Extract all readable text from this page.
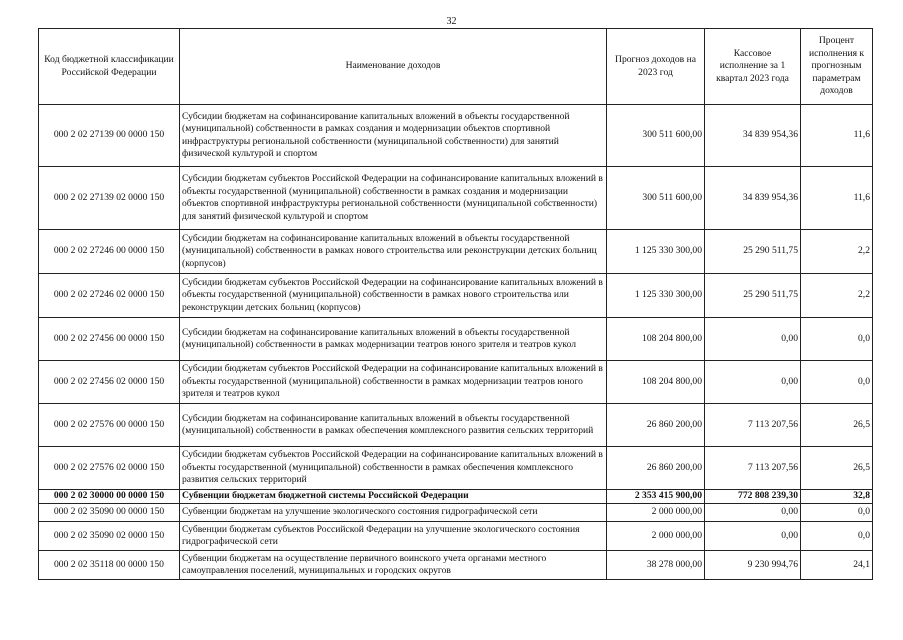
32
Код бюджетной классификации Российской Федерации	Наименование доходов	Прогноз доходов на 2023 год	Кассовое исполнение за 1 квартал 2023 года	Процент исполнения к прогнозным параметрам доходов
000 2 02 27139 00 0000 150	Субсидии бюджетам на софинансирование капитальных вложений в объекты государственной (муниципальной) собственности в рамках создания и модернизации объектов спортивной инфраструктуры региональной собственности (муниципальной собственности) для занятий физической культурой и спортом	300 511 600,00	34 839 954,36	11,6
000 2 02 27139 02 0000 150	Субсидии бюджетам субъектов Российской Федерации на софинансирование капитальных вложений в объекты государственной (муниципальной) собственности в рамках создания и модернизации объектов спортивной инфраструктуры региональной собственности (муниципальной собственности) для занятий физической культурой и спортом	300 511 600,00	34 839 954,36	11,6
000 2 02 27246 00 0000 150	Субсидии бюджетам на софинансирование капитальных вложений в объекты государственной (муниципальной) собственности в рамках нового строительства или реконструкции детских больниц (корпусов)	1 125 330 300,00	25 290 511,75	2,2
000 2 02 27246 02 0000 150	Субсидии бюджетам субъектов Российской Федерации на софинансирование капитальных вложений в объекты государственной (муниципальной) собственности в рамках нового строительства или реконструкции детских больниц (корпусов)	1 125 330 300,00	25 290 511,75	2,2
000 2 02 27456 00 0000 150	Субсидии бюджетам на софинансирование капитальных вложений в объекты государственной (муниципальной) собственности в рамках модернизации театров юного зрителя и театров кукол	108 204 800,00	0,00	0,0
000 2 02 27456 02 0000 150	Субсидии бюджетам субъектов Российской Федерации на софинансирование капитальных вложений в объекты государственной (муниципальной) собственности в рамках модернизации театров юного зрителя и театров кукол	108 204 800,00	0,00	0,0
000 2 02 27576 00 0000 150	Субсидии бюджетам на софинансирование капитальных вложений в объекты государственной (муниципальной) собственности в рамках обеспечения комплексного развития сельских территорий	26 860 200,00	7 113 207,56	26,5
000 2 02 27576 02 0000 150	Субсидии бюджетам субъектов Российской Федерации на софинансирование капитальных вложений в объекты государственной (муниципальной) собственности в рамках обеспечения комплексного развития сельских территорий	26 860 200,00	7 113 207,56	26,5
000 2 02 30000 00 0000 150	Субвенции бюджетам бюджетной системы Российской Федерации	2 353 415 900,00	772 808 239,30	32,8
000 2 02 35090 00 0000 150	Субвенции бюджетам на улучшение экологического состояния гидрографической сети	2 000 000,00	0,00	0,0
000 2 02 35090 02 0000 150	Субвенции бюджетам субъектов Российской Федерации на улучшение экологического состояния гидрографической сети	2 000 000,00	0,00	0,0
000 2 02 35118 00 0000 150	Субвенции бюджетам на осуществление первичного воинского учета органами местного самоуправления поселений, муниципальных и городских округов	38 278 000,00	9 230 994,76	24,1
